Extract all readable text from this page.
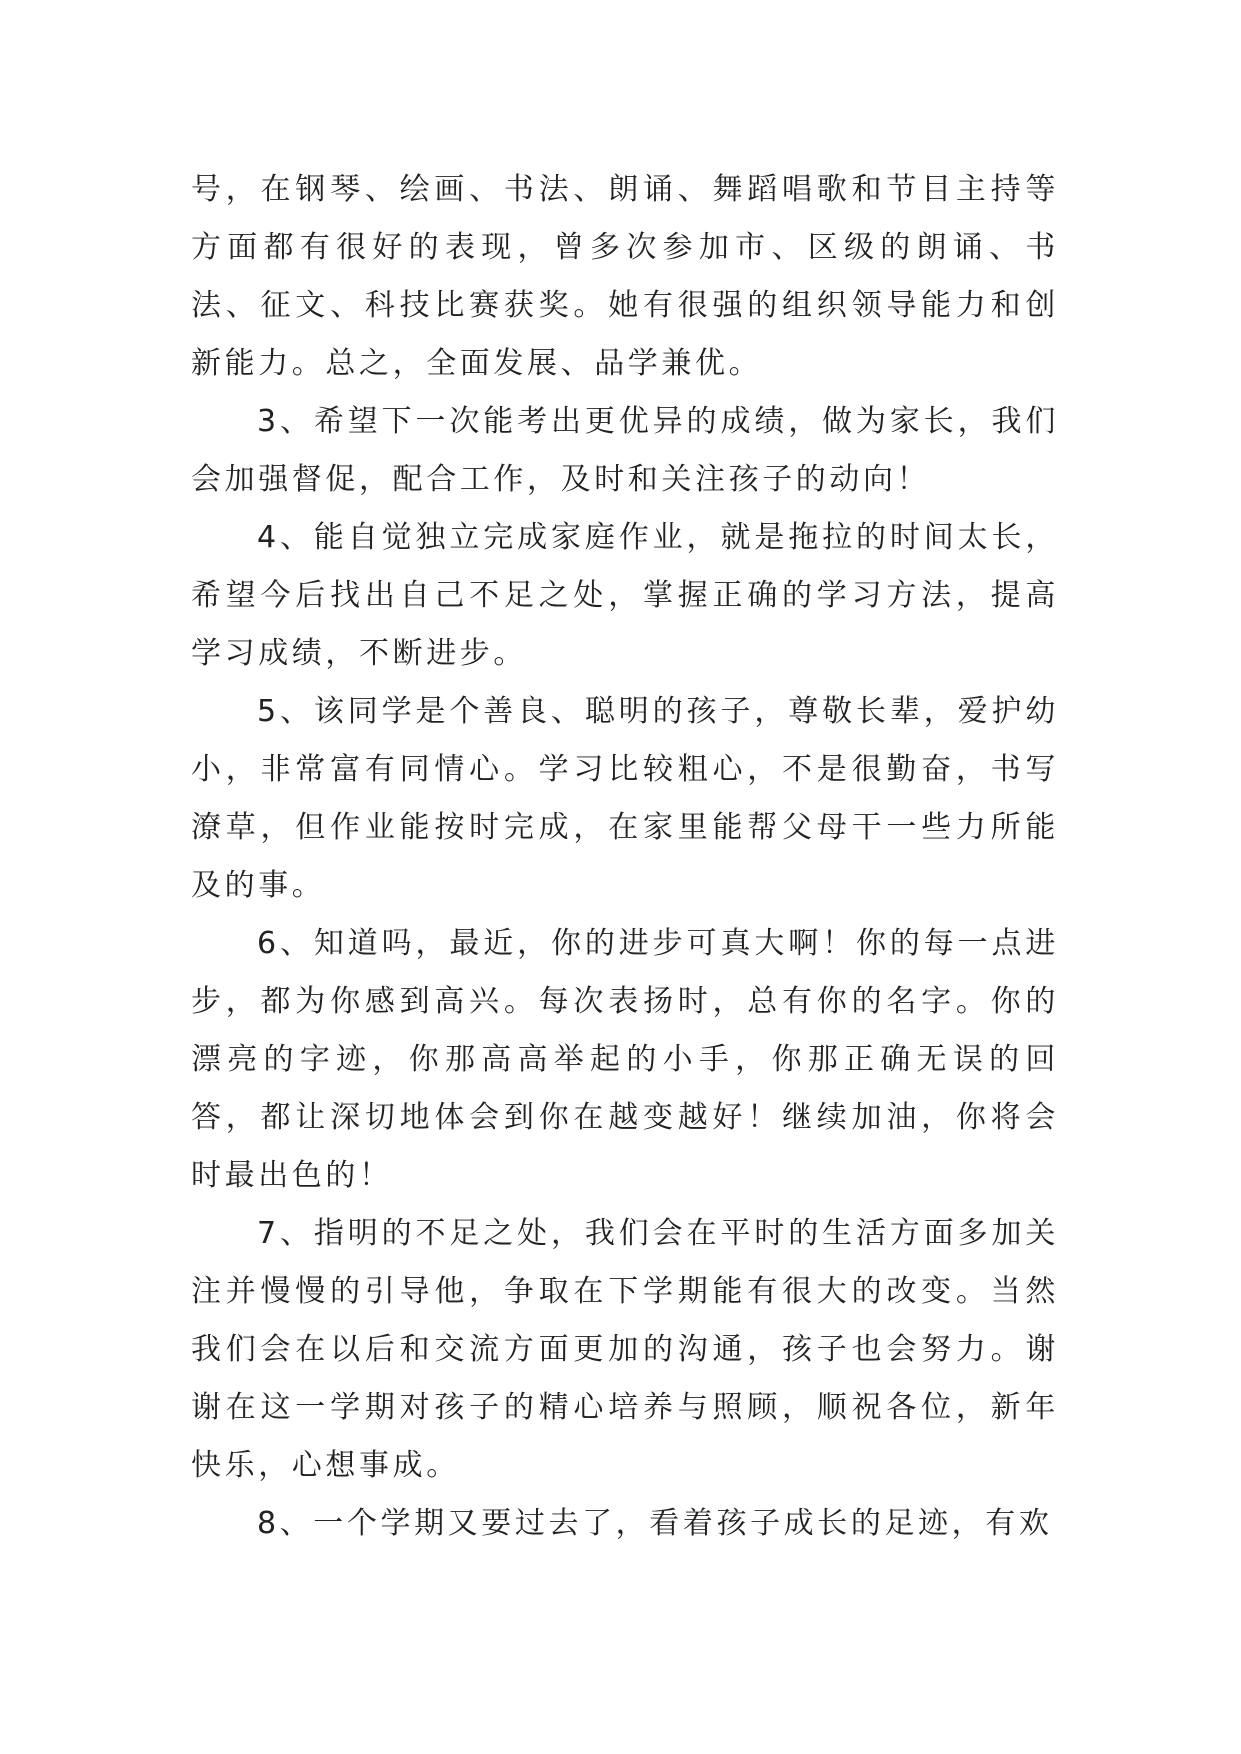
号，在钢琴、绘画、书法、朗诵、舞蹈唱歌和节目主持等方面都有很好的表现，曾多次参加市、区级的朗诵、书法、征文、科技比赛获奖。她有很强的组织领导能力和创新能力。总之，全面发展、品学兼优。

3、希望下一次能考出更优异的成绩，做为家长，我们会加强督促，配合工作，及时和关注孩子的动向！

4、能自觉独立完成家庭作业，就是拖拉的时间太长，希望今后找出自己不足之处，掌握正确的学习方法，提高学习成绩，不断进步。

5、该同学是个善良、聪明的孩子，尊敬长辈，爱护幼小，非常富有同情心。学习比较粗心，不是很勤奋，书写潦草，但作业能按时完成，在家里能帮父母干一些力所能及的事。

6、知道吗，最近，你的进步可真大啊！你的每一点进步，都为你感到高兴。每次表扬时，总有你的名字。你的漂亮的字迹，你那高高举起的小手，你那正确无误的回答，都让深切地体会到你在越变越好！继续加油，你将会时最出色的！

7、指明的不足之处，我们会在平时的生活方面多加关注并慢慢的引导他，争取在下学期能有很大的改变。当然我们会在以后和交流方面更加的沟通，孩子也会努力。谢谢在这一学期对孩子的精心培养与照顾，顺祝各位，新年快乐，心想事成。

8、一个学期又要过去了，看着孩子成长的足迹，有欢
